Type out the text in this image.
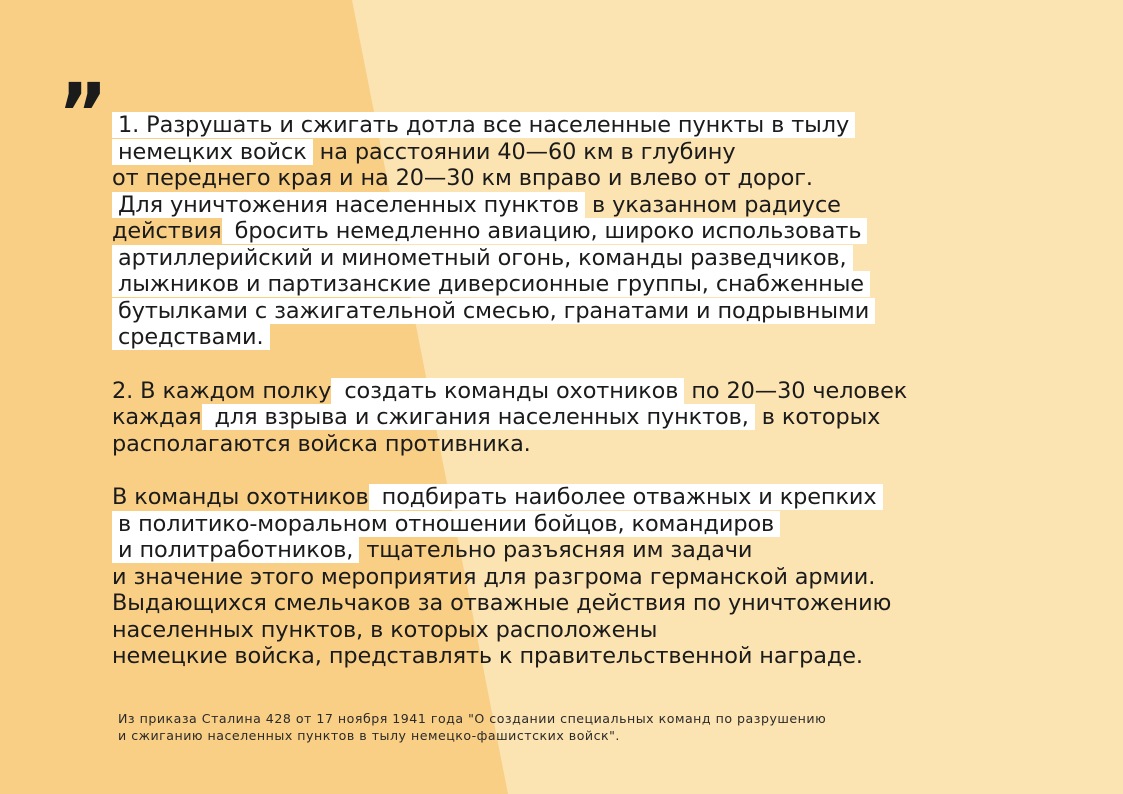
” 1. Разрушать и сжигать дотла все населенные пункты в тылу
немецких войск на расстоянии 40—60 км в глубину
от переднего края и на 20—30 км вправо и влево от дорог.
Для уничтожения населенных пунктов в указанном радиусе
действия бросить немедленно авиацию, широко использовать
артиллерийский и минометный огонь, команды разведчиков,
лыжников и партизанские диверсионные группы, снабженные
бутылками с зажигательной смесью, гранатами и подрывными
средствами.
2. В каждом полку создать команды охотников по 20—30 человек
каждая для взрыва и сжигания населенных пунктов, в которых
располагаются войска противника.
В команды охотников подбирать наиболее отважных и крепких
в политико-моральном отношении бойцов, командиров
и политработников, тщательно разъясняя им задачи
и значение этого мероприятия для разгрома германской армии.
Выдающихся смельчаков за отважные действия по уничтожению
населенных пунктов, в которых расположены
немецкие войска, представлять к правительственной награде.
Из приказа Сталина 428 от 17 ноября 1941 года "О создании специальных команд по разрушению
и сжиганию населенных пунктов в тылу немецко-фашистских войск".
